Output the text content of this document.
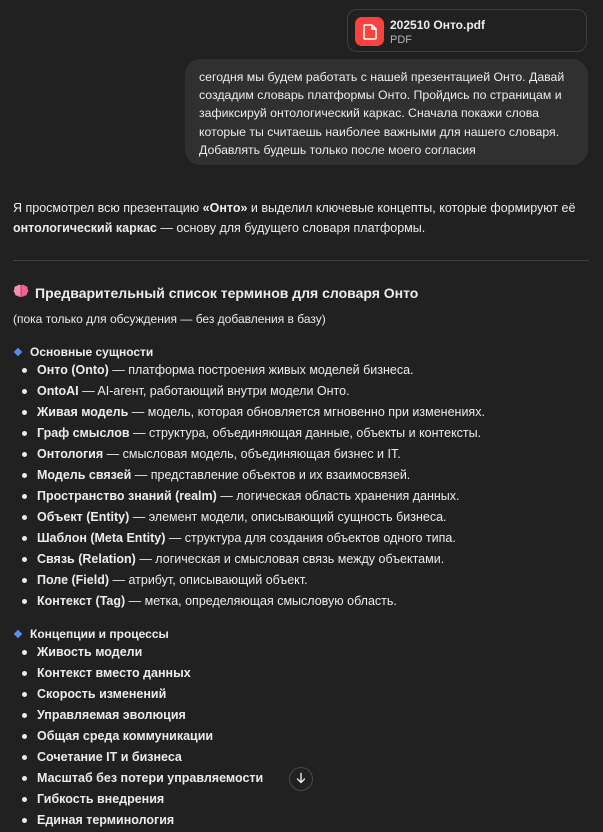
202510 Онто.pdf
PDF
сегодня мы будем работать с нашей презентацией Онто. Давай
создадим словарь платформы Онто. Пройдись по страницам и
зафиксируй онтологический каркас. Сначала покажи слова
которые ты считаешь наиболее важными для нашего словаря.
Добавлять будешь только после моего согласия
Я просмотрел всю презентацию «Онто» и выделил ключевые концепты, которые формируют её
онтологический каркас — основу для будущего словаря платформы.
Предварительный список терминов для словаря Онто
(пока только для обсуждения — без добавления в базу)
Основные сущности
Онто (Onto) — платформа построения живых моделей бизнеса.
OntoAI — AI-агент, работающий внутри модели Онто.
Живая модель — модель, которая обновляется мгновенно при изменениях.
Граф смыслов — структура, объединяющая данные, объекты и контексты.
Онтология — смысловая модель, объединяющая бизнес и IT.
Модель связей — представление объектов и их взаимосвязей.
Пространство знаний (realm) — логическая область хранения данных.
Объект (Entity) — элемент модели, описывающий сущность бизнеса.
Шаблон (Meta Entity) — структура для создания объектов одного типа.
Связь (Relation) — логическая и смысловая связь между объектами.
Поле (Field) — атрибут, описывающий объект.
Контекст (Tag) — метка, определяющая смысловую область.
Концепции и процессы
Живость модели
Контекст вместо данных
Скорость изменений
Управляемая эволюция
Общая среда коммуникации
Сочетание IT и бизнеса
Масштаб без потери управляемости
Гибкость внедрения
Единая терминология
